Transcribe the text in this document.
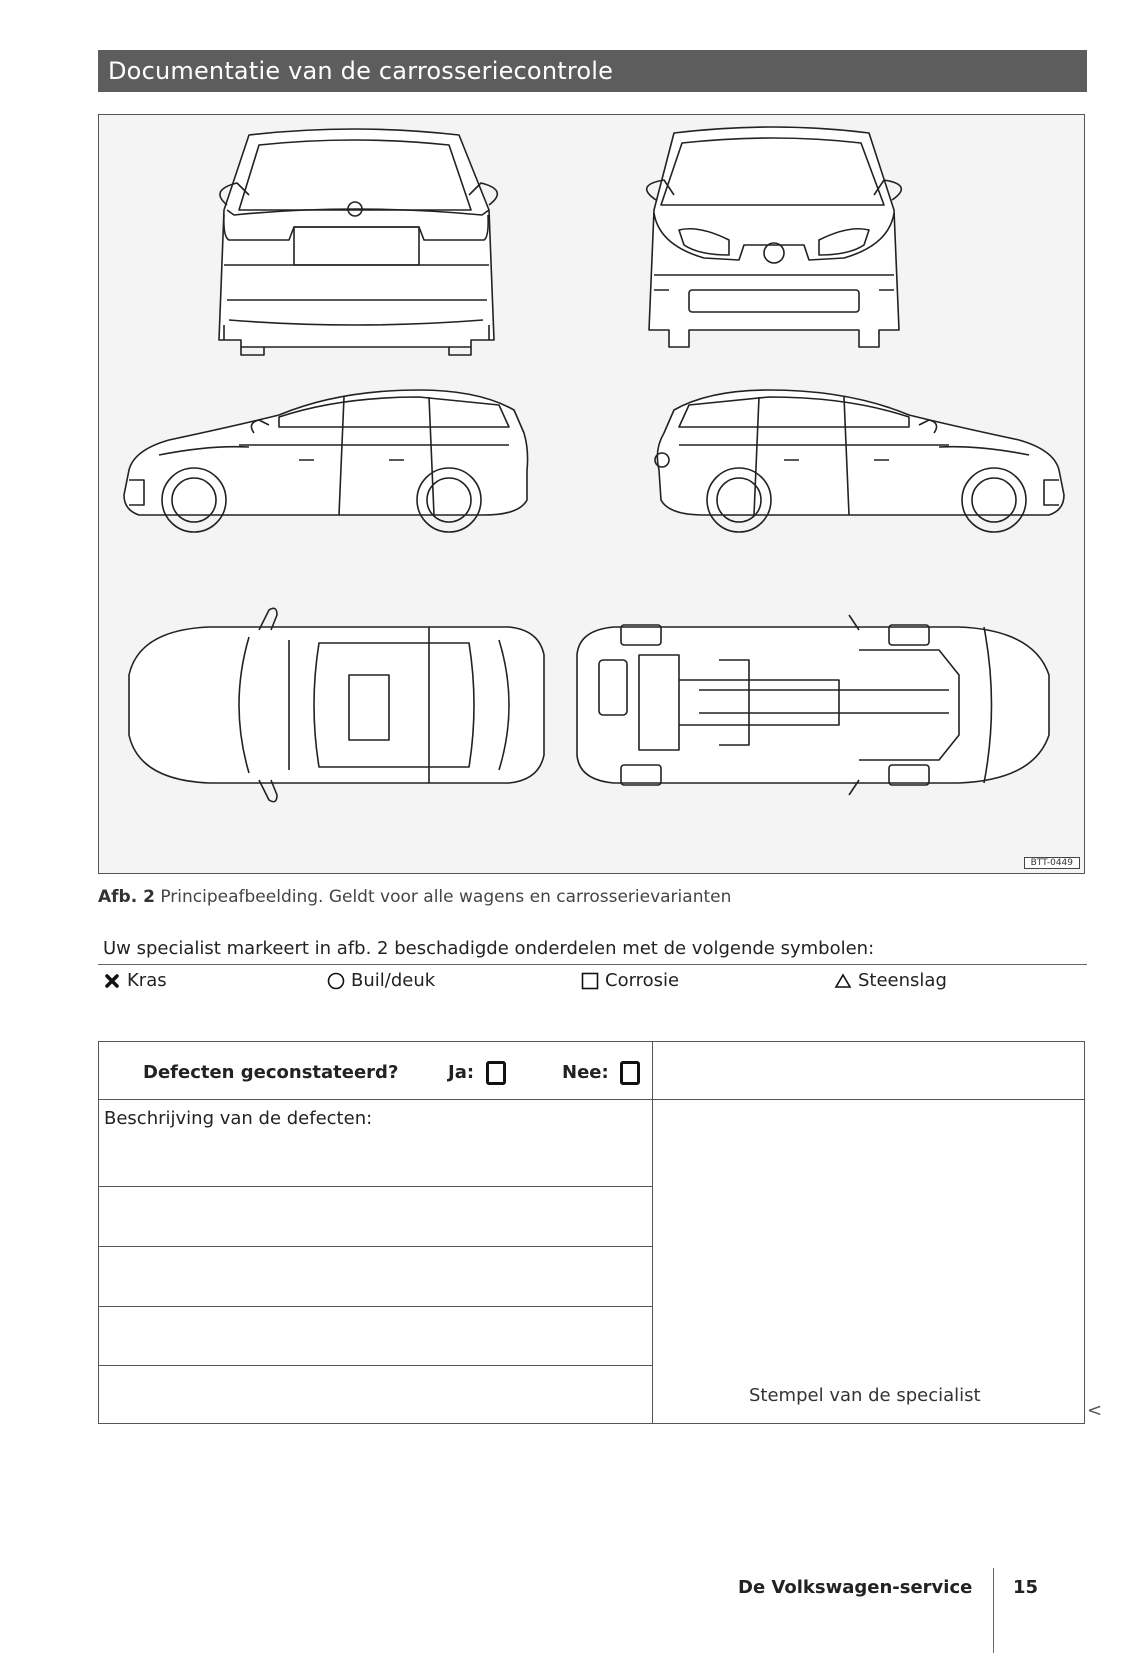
Documentatie van de carrosseriecontrole
BTT-0449
Afb. 2 Principeafbeelding. Geldt voor alle wagens en carrosserievarianten
Uw specialist markeert in afb. 2 beschadigde onderdelen met de volgende symbolen:
Kras	Buil/deuk	Corrosie	Steenslag
Defecten geconstateerd?	Ja:	Nee:
Beschrijving van de defecten:
Stempel van de specialist
<
De Volkswagen-service 15
